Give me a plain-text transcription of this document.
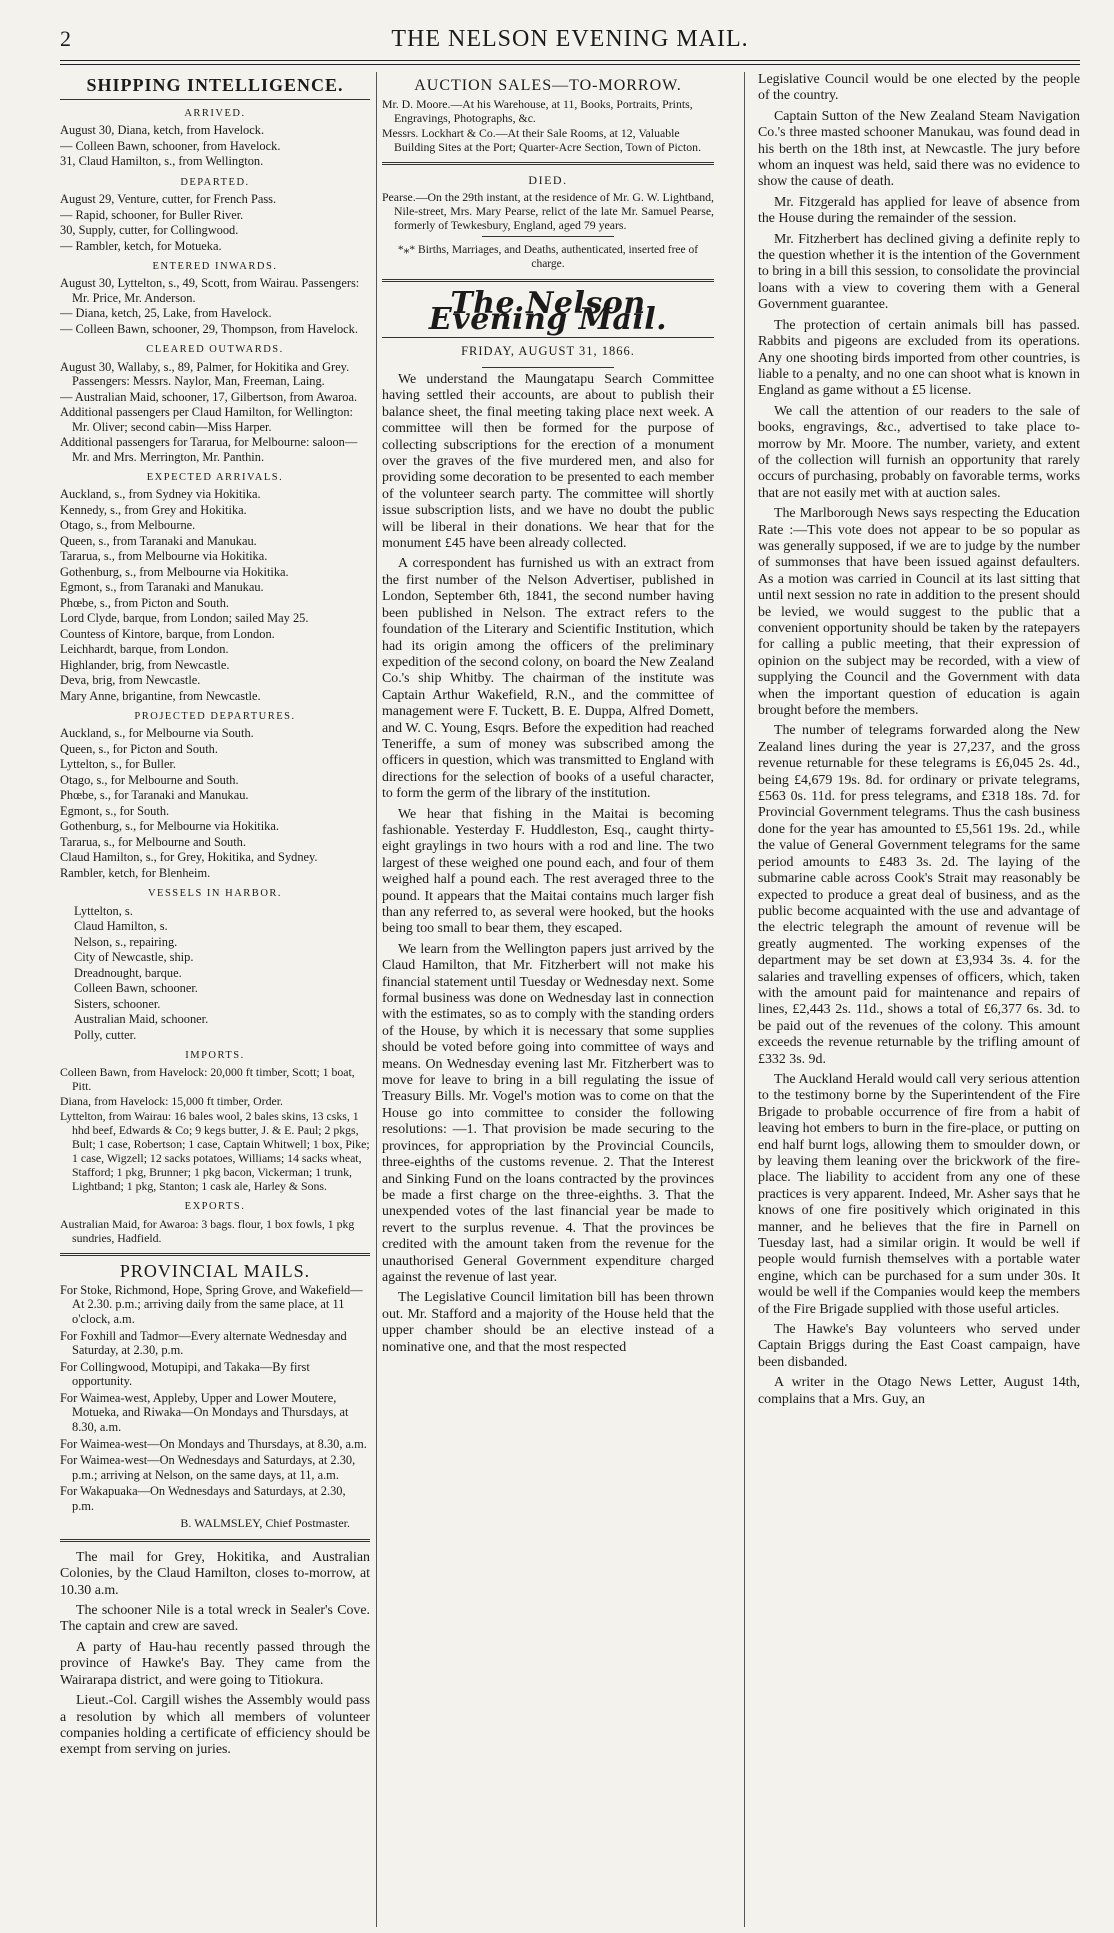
2	THE NELSON EVENING MAIL.
SHIPPING INTELLIGENCE.
ARRIVED.
August 30, Diana, ketch, from Havelock.
— Colleen Bawn, schooner, from Havelock.
31, Claud Hamilton, s., from Wellington.
DEPARTED.
August 29, Venture, cutter, for French Pass.
— Rapid, schooner, for Buller River.
30, Supply, cutter, for Collingwood.
— Rambler, ketch, for Motueka.
ENTERED INWARDS.
August 30, Lyttelton, s., 49, Scott, from Wairau. Passengers: Mr. Price, Mr. Anderson.
— Diana, ketch, 25, Lake, from Havelock.
— Colleen Bawn, schooner, 29, Thompson, from Havelock.
CLEARED OUTWARDS.
August 30, Wallaby, s., 89, Palmer, for Hokitika and Grey. Passengers: Messrs. Naylor, Man, Freeman, Laing.
— Australian Maid, schooner, 17, Gilbertson, from Awaroa.
Additional passengers per Claud Hamilton, for Wellington: Mr. Oliver; second cabin—Miss Harper.
Additional passengers for Tararua, for Melbourne: saloon—Mr. and Mrs. Merrington, Mr. Panthin.
EXPECTED ARRIVALS.
Auckland, s., from Sydney via Hokitika.
Kennedy, s., from Grey and Hokitika.
Otago, s., from Melbourne.
Queen, s., from Taranaki and Manukau.
Tararua, s., from Melbourne via Hokitika.
Gothenburg, s., from Melbourne via Hokitika.
Egmont, s., from Taranaki and Manukau.
Phœbe, s., from Picton and South.
Lord Clyde, barque, from London; sailed May 25.
Countess of Kintore, barque, from London.
Leichhardt, barque, from London.
Highlander, brig, from Newcastle.
Deva, brig, from Newcastle.
Mary Anne, brigantine, from Newcastle.
PROJECTED DEPARTURES.
Auckland, s., for Melbourne via South.
Queen, s., for Picton and South.
Lyttelton, s., for Buller.
Otago, s., for Melbourne and South.
Phœbe, s., for Taranaki and Manukau.
Egmont, s., for South.
Gothenburg, s., for Melbourne via Hokitika.
Tararua, s., for Melbourne and South.
Claud Hamilton, s., for Grey, Hokitika, and Sydney.
Rambler, ketch, for Blenheim.
VESSELS IN HARBOR.
Lyttelton, s.
Claud Hamilton, s.
Nelson, s., repairing.
City of Newcastle, ship.
Dreadnought, barque.
Colleen Bawn, schooner.
Sisters, schooner.
Australian Maid, schooner.
Polly, cutter.
IMPORTS.
Colleen Bawn, from Havelock: 20,000 ft timber, Scott; 1 boat, Pitt.
Diana, from Havelock: 15,000 ft timber, Order.
Lyttelton, from Wairau: 16 bales wool, 2 bales skins, 13 csks, 1 hhd beef, Edwards & Co; 9 kegs butter, J. & E. Paul; 2 pkgs, Bult; 1 case, Robertson; 1 case, Captain Whitwell; 1 box, Pike; 1 case, Wigzell; 12 sacks potatoes, Williams; 14 sacks wheat, Stafford; 1 pkg, Brunner; 1 pkg bacon, Vickerman; 1 trunk, Lightband; 1 pkg, Stanton; 1 cask ale, Harley & Sons.
EXPORTS.
Australian Maid, for Awaroa: 3 bags. flour, 1 box fowls, 1 pkg sundries, Hadfield.
PROVINCIAL MAILS.
For Stoke, Richmond, Hope, Spring Grove, and Wakefield—At 2.30. p.m.; arriving daily from the same place, at 11 o'clock, a.m.
For Foxhill and Tadmor—Every alternate Wednesday and Saturday, at 2.30, p.m.
For Collingwood, Motupipi, and Takaka—By first opportunity.
For Waimea-west, Appleby, Upper and Lower Moutere, Motueka, and Riwaka—On Mondays and Thursdays, at 8.30, a.m.
For Waimea-west—On Mondays and Thursdays, at 8.30, a.m.
For Waimea-west—On Wednesdays and Saturdays, at 2.30, p.m.; arriving at Nelson, on the same days, at 11, a.m.
For Wakapuaka—On Wednesdays and Saturdays, at 2.30, p.m.
B. WALMSLEY, Chief Postmaster.

The mail for Grey, Hokitika, and Australian Colonies, by the Claud Hamilton, closes to-morrow, at 10.30 a.m.

The schooner Nile is a total wreck in Sealer's Cove. The captain and crew are saved.

A party of Hau-hau recently passed through the province of Hawke's Bay. They came from the Wairarapa district, and were going to Titiokura.

Lieut.-Col. Cargill wishes the Assembly would pass a resolution by which all members of volunteer companies holding a certificate of efficiency should be exempt from serving on juries.

AUCTION SALES—TO-MORROW.
Mr. D. Moore.—At his Warehouse, at 11, Books, Portraits, Prints, Engravings, Photographs, &c.
Messrs. Lockhart & Co.—At their Sale Rooms, at 12, Valuable Building Sites at the Port; Quarter-Acre Section, Town of Picton.
DIED.
Pearse.—On the 29th instant, at the residence of Mr. G. W. Lightband, Nile-street, Mrs. Mary Pearse, relict of the late Mr. Samuel Pearse, formerly of Tewkesbury, England, aged 79 years.
*⁎* Births, Marriages, and Deaths, authenticated, inserted free of charge.
The Nelson Evening Mail.
FRIDAY, AUGUST 31, 1866.

We understand the Maungatapu Search Committee having settled their accounts, are about to publish their balance sheet, the final meeting taking place next week. A committee will then be formed for the purpose of collecting subscriptions for the erection of a monument over the graves of the five murdered men, and also for providing some decoration to be presented to each member of the volunteer search party. The committee will shortly issue subscription lists, and we have no doubt the public will be liberal in their donations. We hear that for the monument £45 have been already collected.

A correspondent has furnished us with an extract from the first number of the Nelson Advertiser, published in London, September 6th, 1841, the second number having been published in Nelson. The extract refers to the foundation of the Literary and Scientific Institution, which had its origin among the officers of the preliminary expedition of the second colony, on board the New Zealand Co.'s ship Whitby. The chairman of the institute was Captain Arthur Wakefield, R.N., and the committee of management were F. Tuckett, B. E. Duppa, Alfred Domett, and W. C. Young, Esqrs. Before the expedition had reached Teneriffe, a sum of money was subscribed among the officers in question, which was transmitted to England with directions for the selection of books of a useful character, to form the germ of the library of the institution.

We hear that fishing in the Maitai is becoming fashionable. Yesterday F. Huddleston, Esq., caught thirty-eight graylings in two hours with a rod and line. The two largest of these weighed one pound each, and four of them weighed half a pound each. The rest averaged three to the pound. It appears that the Maitai contains much larger fish than any referred to, as several were hooked, but the hooks being too small to bear them, they escaped.

We learn from the Wellington papers just arrived by the Claud Hamilton, that Mr. Fitzherbert will not make his financial statement until Tuesday or Wednesday next. Some formal business was done on Wednesday last in connection with the estimates, so as to comply with the standing orders of the House, by which it is necessary that some supplies should be voted before going into committee of ways and means. On Wednesday evening last Mr. Fitzherbert was to move for leave to bring in a bill regulating the issue of Treasury Bills. Mr. Vogel's motion was to come on that the House go into committee to consider the following resolutions: —1. That provision be made securing to the provinces, for appropriation by the Provincial Councils, three-eighths of the customs revenue. 2. That the Interest and Sinking Fund on the loans contracted by the provinces be made a first charge on the three-eighths. 3. That the unexpended votes of the last financial year be made to revert to the surplus revenue. 4. That the provinces be credited with the amount taken from the revenue for the unauthorised General Government expenditure charged against the revenue of last year.

The Legislative Council limitation bill has been thrown out. Mr. Stafford and a majority of the House held that the upper chamber should be an elective instead of a nominative one, and that the most respected

Legislative Council would be one elected by the people of the country.

Captain Sutton of the New Zealand Steam Navigation Co.'s three masted schooner Manukau, was found dead in his berth on the 18th inst, at Newcastle. The jury before whom an inquest was held, said there was no evidence to show the cause of death.

Mr. Fitzgerald has applied for leave of absence from the House during the remainder of the session.

Mr. Fitzherbert has declined giving a definite reply to the question whether it is the intention of the Government to bring in a bill this session, to consolidate the provincial loans with a view to covering them with a General Government guarantee.

The protection of certain animals bill has passed. Rabbits and pigeons are excluded from its operations. Any one shooting birds imported from other countries, is liable to a penalty, and no one can shoot what is known in England as game without a £5 license.

We call the attention of our readers to the sale of books, engravings, &c., advertised to take place to-morrow by Mr. Moore. The number, variety, and extent of the collection will furnish an opportunity that rarely occurs of purchasing, probably on favorable terms, works that are not easily met with at auction sales.

The Marlborough News says respecting the Education Rate :—This vote does not appear to be so popular as was generally supposed, if we are to judge by the number of summonses that have been issued against defaulters. As a motion was carried in Council at its last sitting that until next session no rate in addition to the present should be levied, we would suggest to the public that a convenient opportunity should be taken by the ratepayers for calling a public meeting, that their expression of opinion on the subject may be recorded, with a view of supplying the Council and the Government with data when the important question of education is again brought before the members.

The number of telegrams forwarded along the New Zealand lines during the year is 27,237, and the gross revenue returnable for these telegrams is £6,045 2s. 4d., being £4,679 19s. 8d. for ordinary or private telegrams, £563 0s. 11d. for press telegrams, and £318 18s. 7d. for Provincial Government telegrams. Thus the cash business done for the year has amounted to £5,561 19s. 2d., while the value of General Government telegrams for the same period amounts to £483 3s. 2d. The laying of the submarine cable across Cook's Strait may reasonably be expected to produce a great deal of business, and as the public become acquainted with the use and advantage of the electric telegraph the amount of revenue will be greatly augmented. The working expenses of the department may be set down at £3,934 3s. 4. for the salaries and travelling expenses of officers, which, taken with the amount paid for maintenance and repairs of lines, £2,443 2s. 11d., shows a total of £6,377 6s. 3d. to be paid out of the revenues of the colony. This amount exceeds the revenue returnable by the trifling amount of £332 3s. 9d.

The Auckland Herald would call very serious attention to the testimony borne by the Superintendent of the Fire Brigade to probable occurrence of fire from a habit of leaving hot embers to burn in the fire-place, or putting on end half burnt logs, allowing them to smoulder down, or by leaving them leaning over the brickwork of the fire-place. The liability to accident from any one of these practices is very apparent. Indeed, Mr. Asher says that he knows of one fire positively which originated in this manner, and he believes that the fire in Parnell on Tuesday last, had a similar origin. It would be well if people would furnish themselves with a portable water engine, which can be purchased for a sum under 30s. It would be well if the Companies would keep the members of the Fire Brigade supplied with those useful articles.

The Hawke's Bay volunteers who served under Captain Briggs during the East Coast campaign, have been disbanded.

A writer in the Otago News Letter, August 14th, complains that a Mrs. Guy, an
